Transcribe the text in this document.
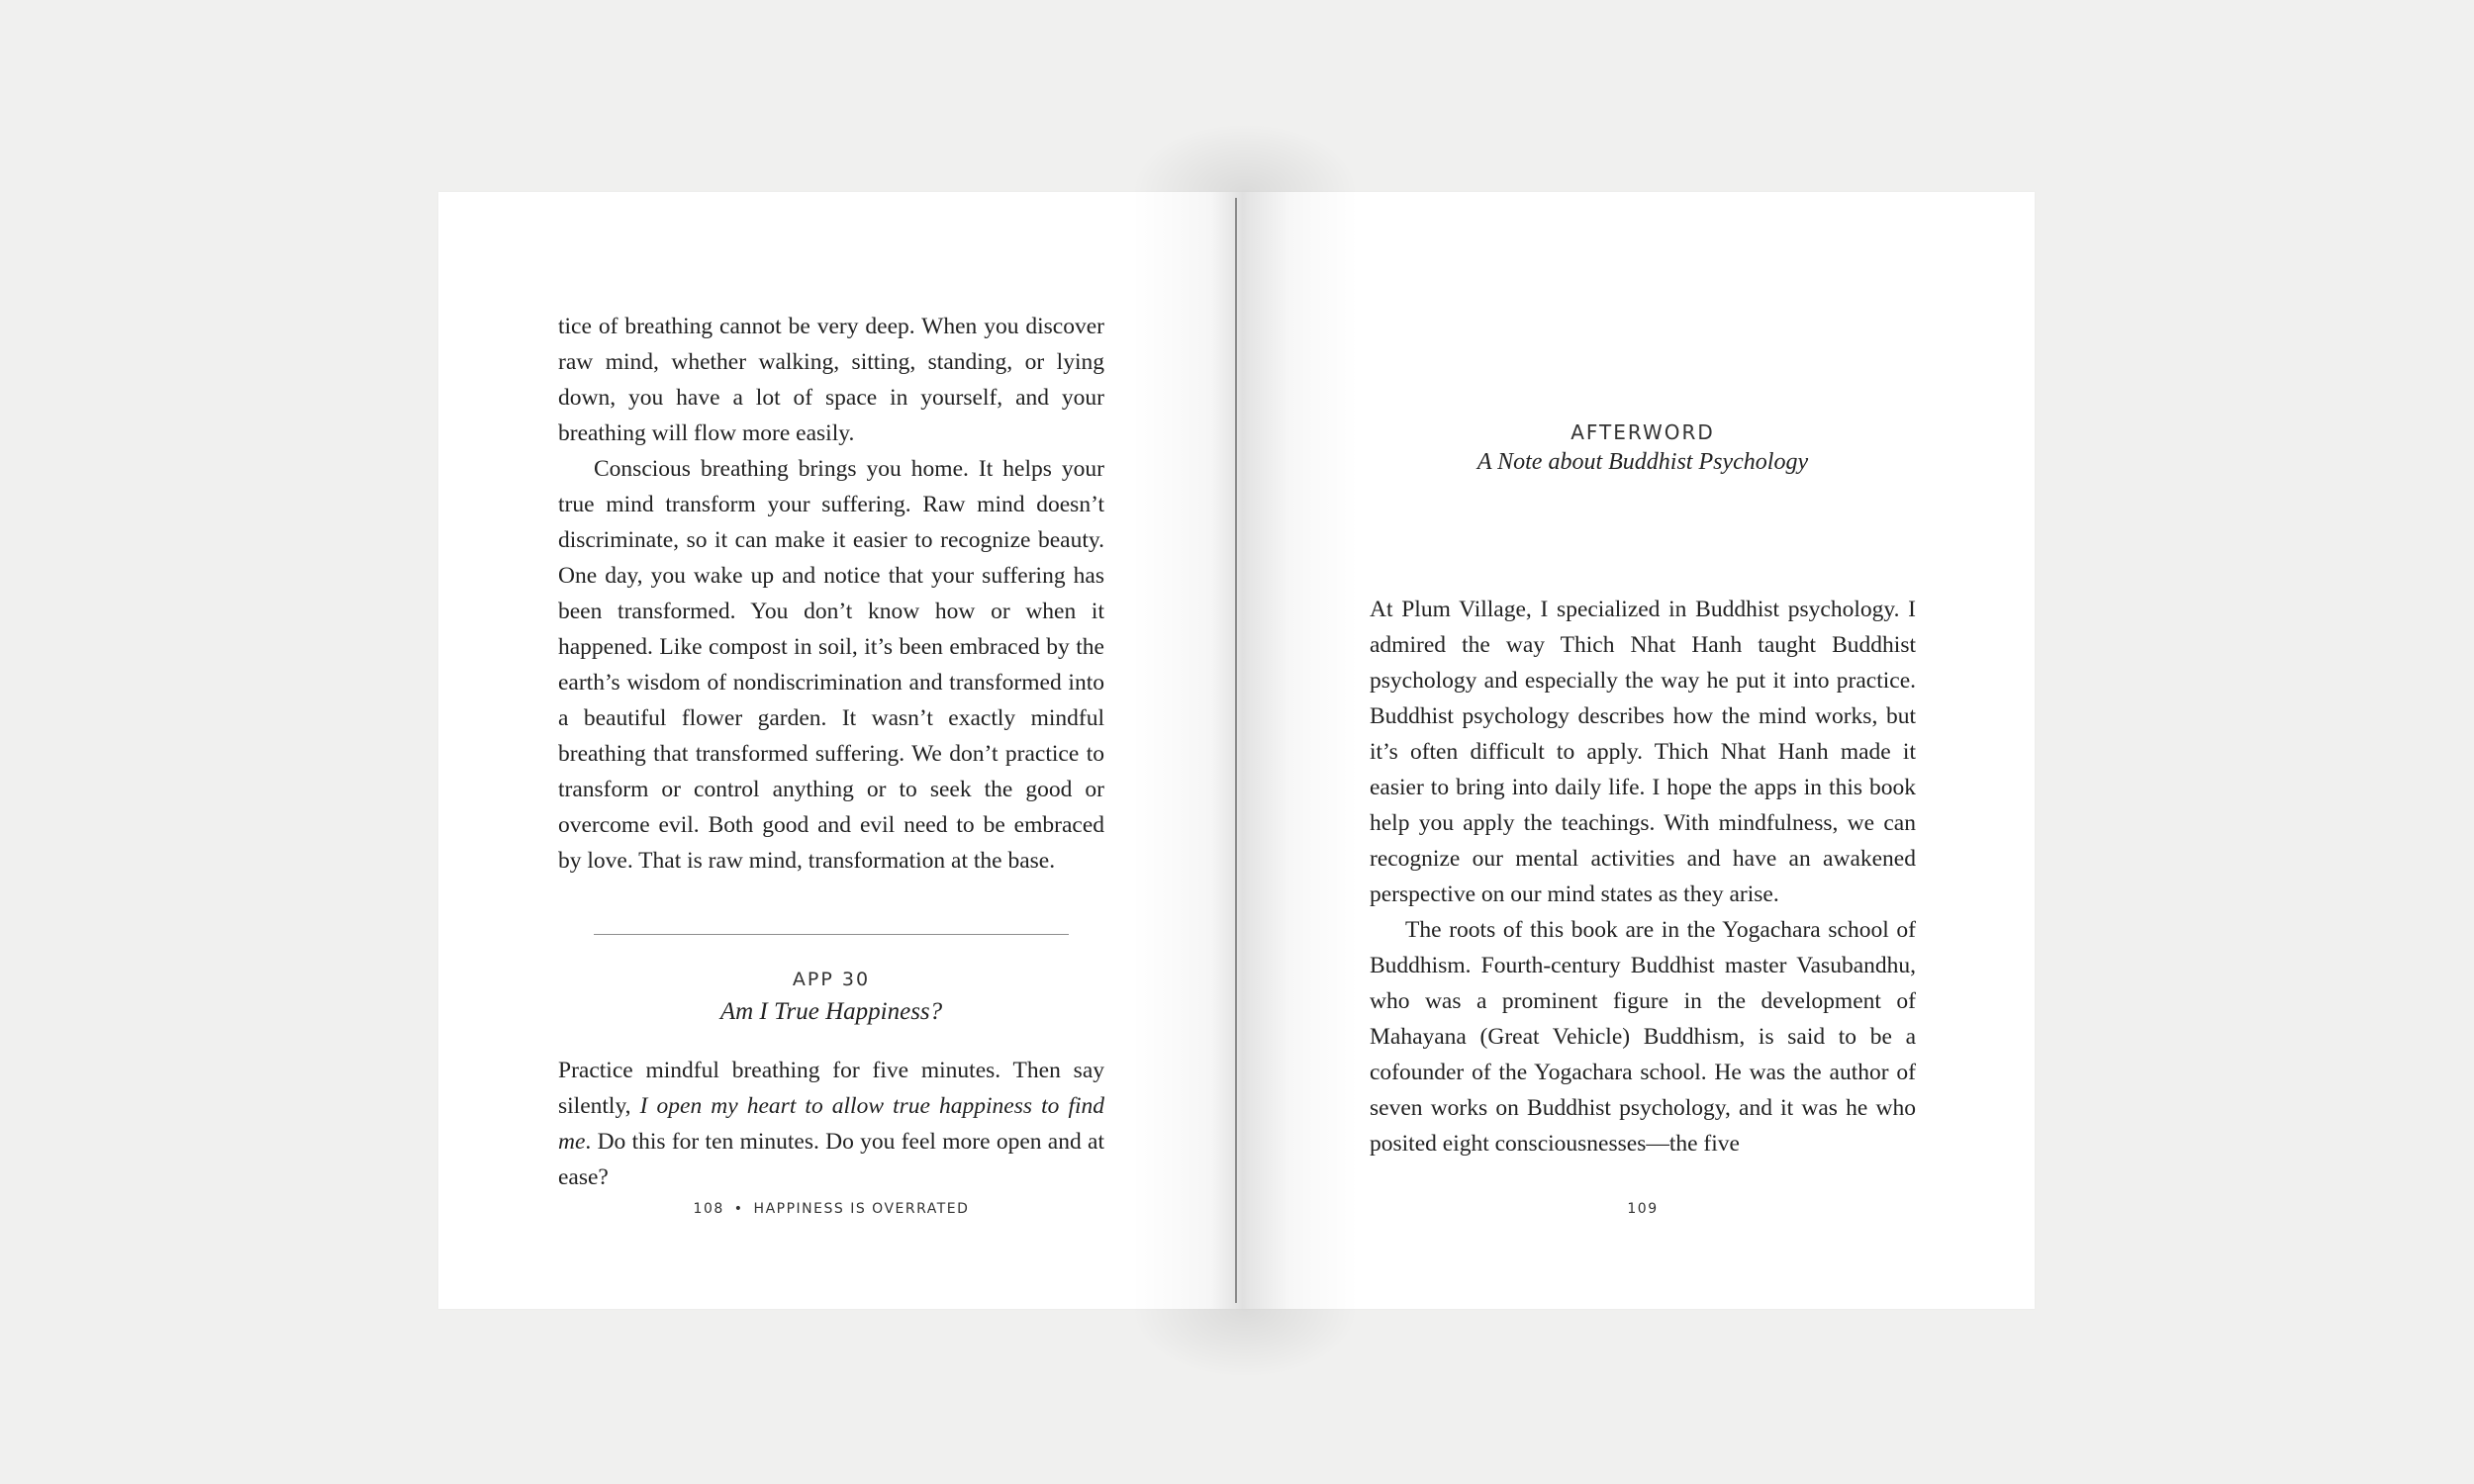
tice of breathing cannot be very deep. When you discover raw mind, whether walking, sitting, standing, or lying down, you have a lot of space in yourself, and your breathing will flow more easily.

Conscious breathing brings you home. It helps your true mind transform your suffering. Raw mind doesn’t discriminate, so it can make it easier to recognize beauty. One day, you wake up and notice that your suffering has been transformed. You don’t know how or when it happened. Like compost in soil, it’s been embraced by the earth’s wisdom of nondiscrimination and transformed into a beautiful flower garden. It wasn’t exactly mindful breathing that transformed suffering. We don’t practice to transform or control anything or to seek the good or overcome evil. Both good and evil need to be embraced by love. That is raw mind, transformation at the base.

APP 30
Am I True Happiness?

Practice mindful breathing for five minutes. Then say silently, I open my heart to allow true happiness to find me. Do this for ten minutes. Do you feel more open and at ease?

108 • HAPPINESS IS OVERRATED
AFTERWORD
A Note about Buddhist Psychology

At Plum Village, I specialized in Buddhist psychology. I admired the way Thich Nhat Hanh taught Buddhist psychology and especially the way he put it into practice. Buddhist psychology describes how the mind works, but it’s often difficult to apply. Thich Nhat Hanh made it easier to bring into daily life. I hope the apps in this book help you apply the teachings. With mindfulness, we can recognize our mental activities and have an awakened perspective on our mind states as they arise.

The roots of this book are in the Yogachara school of Buddhism. Fourth-century Buddhist master Vasubandhu, who was a prominent figure in the development of Mahayana (Great Vehicle) Buddhism, is said to be a cofounder of the Yogachara school. He was the author of seven works on Buddhist psychology, and it was he who posited eight consciousnesses—the five

109
